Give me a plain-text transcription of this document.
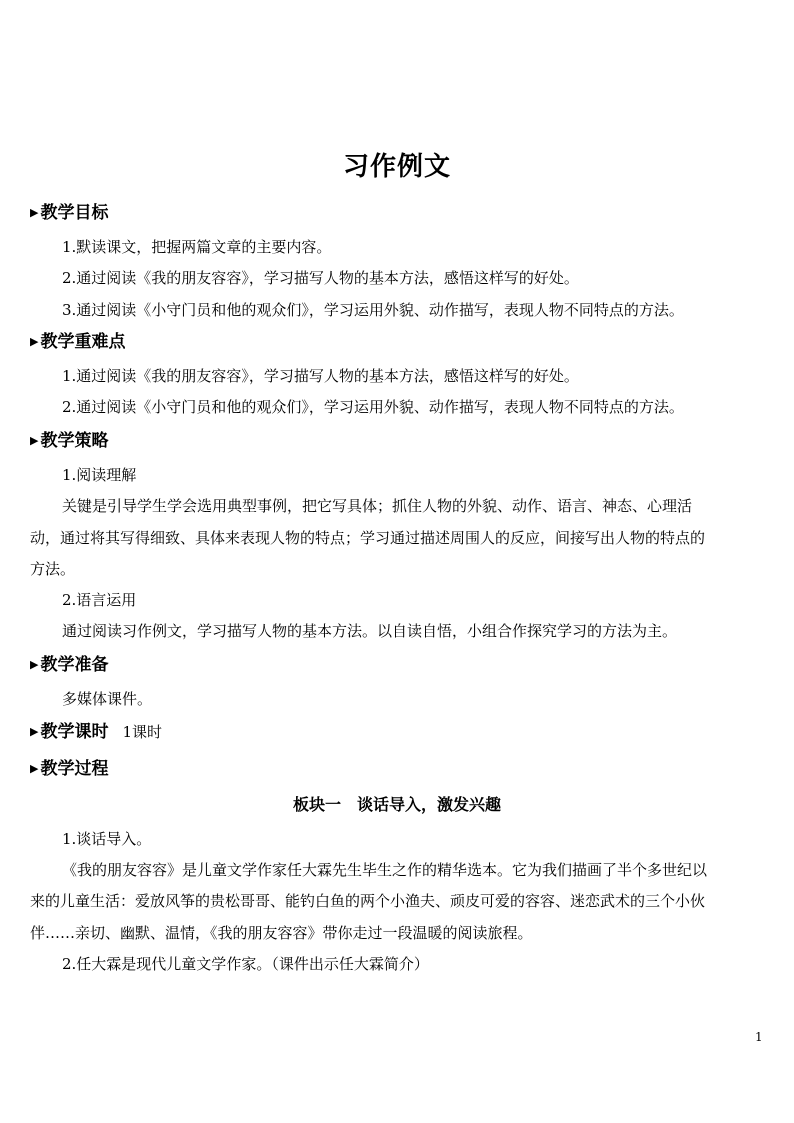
习作例文
▶ 教学目标
1.默读课文，把握两篇文章的主要内容。
2.通过阅读《我的朋友容容》，学习描写人物的基本方法，感悟这样写的好处。
3.通过阅读《小守门员和他的观众们》，学习运用外貌、动作描写，表现人物不同特点的方法。
▶ 教学重难点
1.通过阅读《我的朋友容容》，学习描写人物的基本方法，感悟这样写的好处。
2.通过阅读《小守门员和他的观众们》，学习运用外貌、动作描写，表现人物不同特点的方法。
▶ 教学策略
1.阅读理解
关键是引导学生学会选用典型事例，把它写具体；抓住人物的外貌、动作、语言、神态、心理活
动，通过将其写得细致、具体来表现人物的特点；学习通过描述周围人的反应，间接写出人物的特点的
方法。
2.语言运用
通过阅读习作例文，学习描写人物的基本方法。以自读自悟，小组合作探究学习的方法为主。
▶ 教学准备
多媒体课件。
▶ 教学课时 1课时
▶ 教学过程
板块一　谈话导入，激发兴趣
1.谈话导入。
《我的朋友容容》是儿童文学作家任大霖先生毕生之作的精华选本。它为我们描画了半个多世纪以
来的儿童生活：爱放风筝的贵松哥哥、能钓白鱼的两个小渔夫、顽皮可爱的容容、迷恋武术的三个小伙
伴……亲切、幽默、温情，《我的朋友容容》带你走过一段温暖的阅读旅程。
2.任大霖是现代儿童文学作家。（课件出示任大霖简介）
1
